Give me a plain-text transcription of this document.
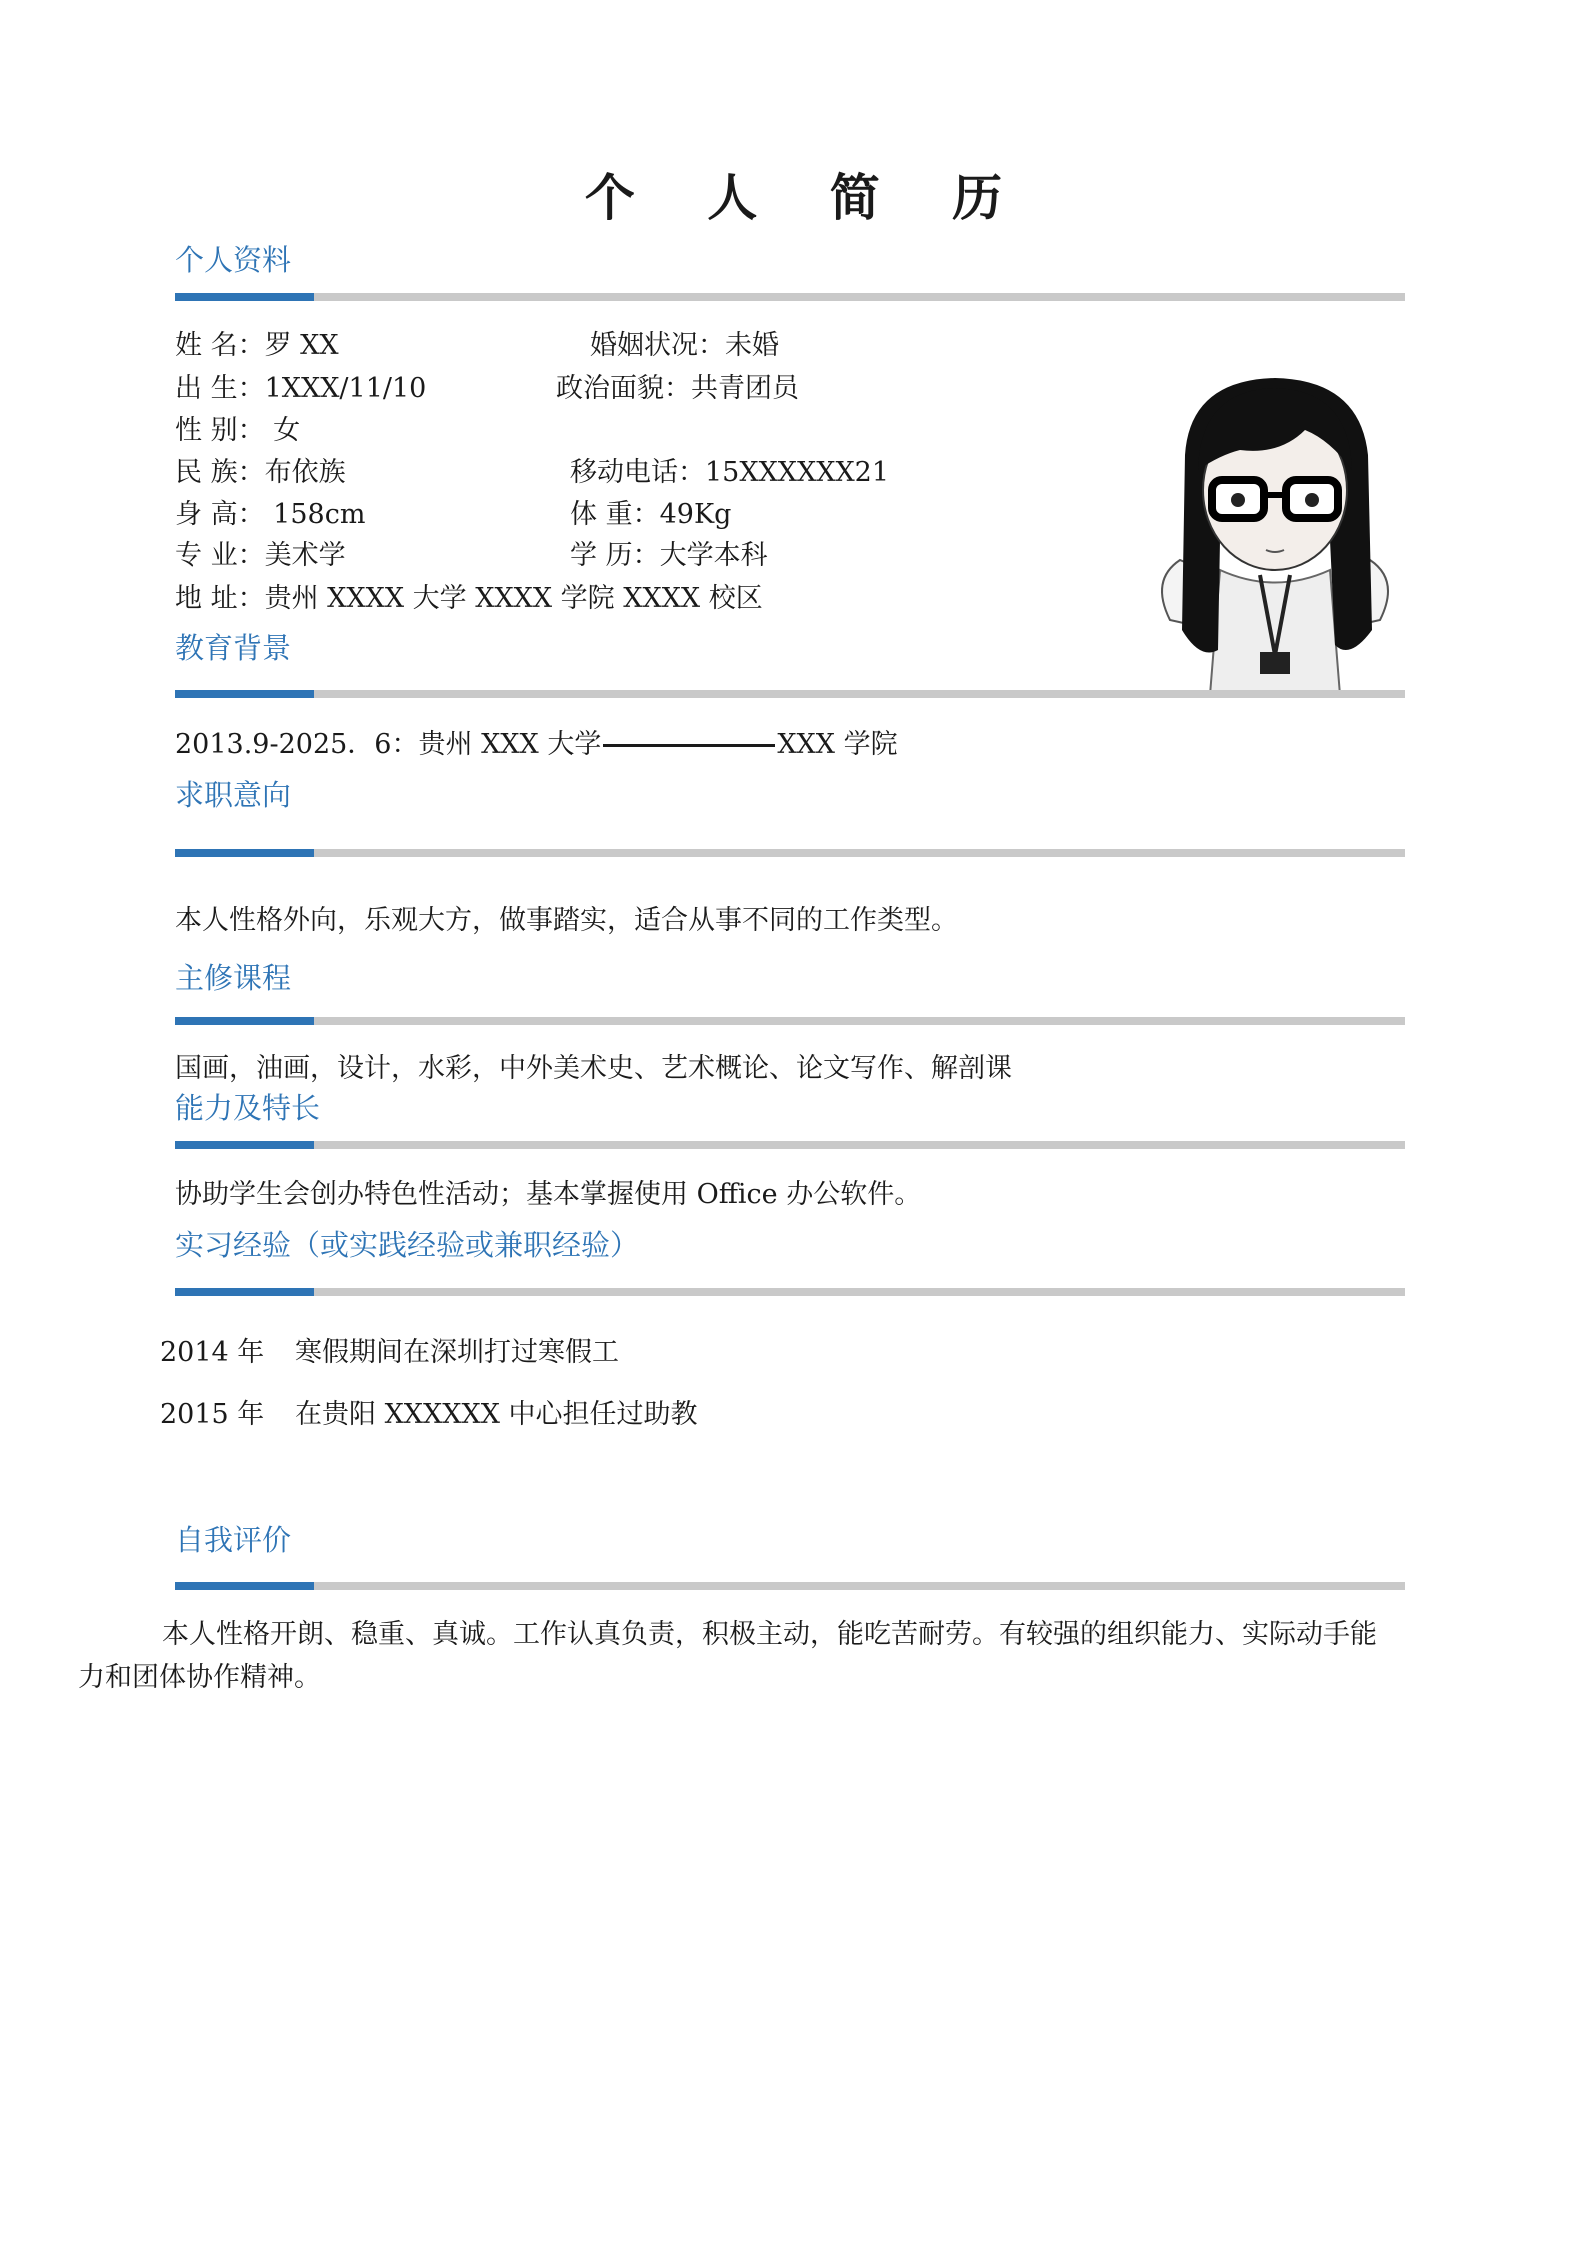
个 人 简 历
个人资料
姓 名：罗 XX	婚姻状况：未婚
出 生：1XXX/11/10	政治面貌：共青团员
性 别： 女
民 族：布依族	移动电话：15XXXXXX21
身 高： 158cm	体 重：49Kg
专 业：美术学	学 历：大学本科
地 址：贵州 XXXX 大学 XXXX 学院 XXXX 校区
教育背景
2013.9-2025．6：贵州 XXX 大学	XXX 学院
求职意向
本人性格外向，乐观大方，做事踏实，适合从事不同的工作类型。
主修课程
国画，油画，设计，水彩，中外美术史、艺术概论、论文写作、解剖课
能力及特长
协助学生会创办特色性活动；基本掌握使用 Office 办公软件。
实习经验（或实践经验或兼职经验）
2014 年 寒假期间在深圳打过寒假工
2015 年 在贵阳 XXXXXX 中心担任过助教
自我评价
本人性格开朗、稳重、真诚。工作认真负责，积极主动，能吃苦耐劳。有较强的组织能力、实际动手能
力和团体协作精神。
